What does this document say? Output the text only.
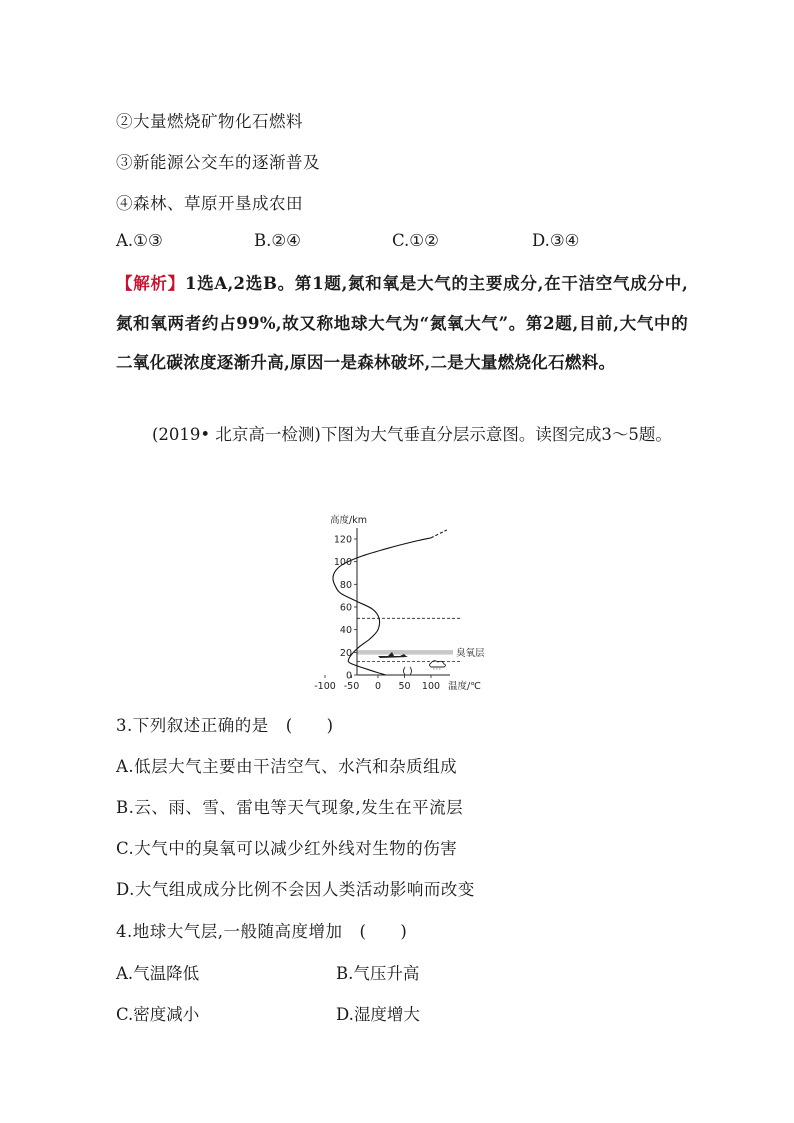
②大量燃烧矿物化石燃料
③新能源公交车的逐渐普及
④森林、草原开垦成农田
A.①③	B.②④	C.①②	D.③④
【解析】1选A,2选B。第1题,氮和氧是大气的主要成分,在干洁空气成分中,氮和氧两者约占99%,故又称地球大气为“氮氧大气”。第2题,目前,大气中的二氧化碳浓度逐渐升高,原因一是森林破坏,二是大量燃烧化石燃料。
(2019• 北京高一检测)下图为大气垂直分层示意图。读图完成3～5题。
0
20
40
60
80
100
120
-100 -50 0 50 100
高度/km
温度/℃
臭氧层
3.下列叙述正确的是　(　　)
A.低层大气主要由干洁空气、水汽和杂质组成
B.云、雨、雪、雷电等天气现象,发生在平流层
C.大气中的臭氧可以减少红外线对生物的伤害
D.大气组成成分比例不会因人类活动影响而改变
4.地球大气层,一般随高度增加　(　　)
A.气温降低	B.气压升高
C.密度减小	D.湿度增大
